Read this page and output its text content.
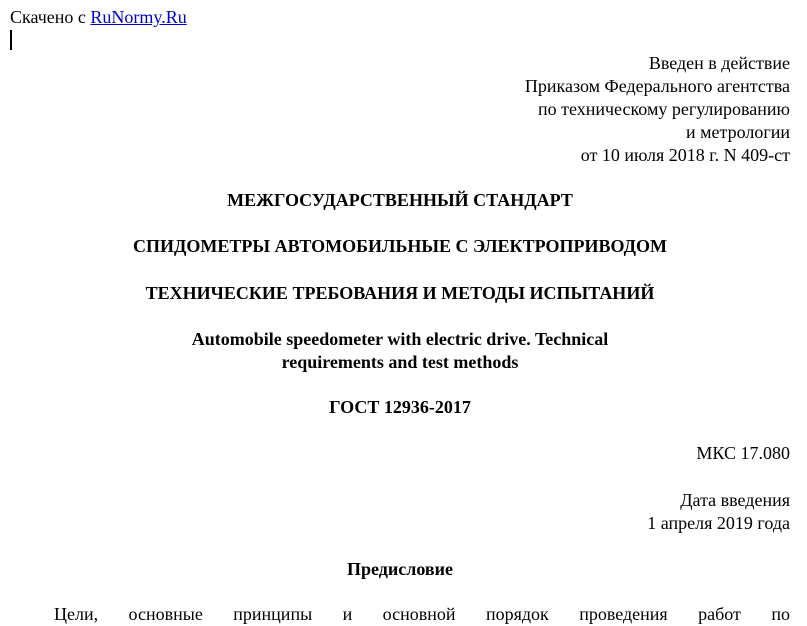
Скачено с RuNormy.Ru
Введен в действие
Приказом Федерального агентства
по техническому регулированию
и метрологии
от 10 июля 2018 г. N 409-ст
МЕЖГОСУДАРСТВЕННЫЙ СТАНДАРТ
СПИДОМЕТРЫ АВТОМОБИЛЬНЫЕ С ЭЛЕКТРОПРИВОДОМ
ТЕХНИЧЕСКИЕ ТРЕБОВАНИЯ И МЕТОДЫ ИСПЫТАНИЙ
Automobile speedometer with electric drive. Technical
requirements and test methods
ГОСТ 12936-2017
МКС 17.080
Дата введения
1 апреля 2019 года
Предисловие
Цели, основные принципы и основной порядок проведения работ по
